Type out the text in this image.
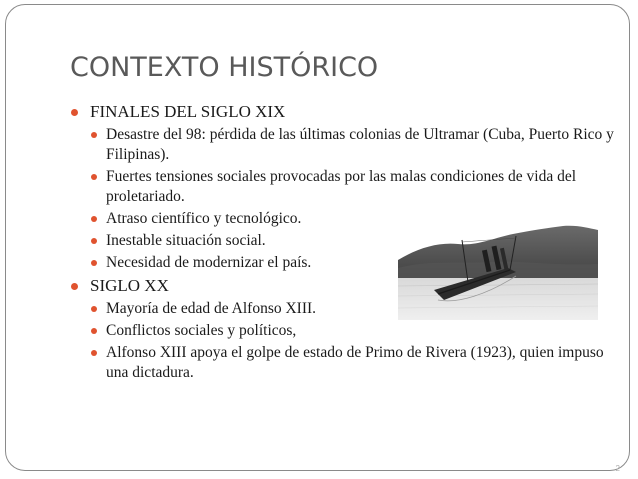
CONTEXTO HISTÓRICO
FINALES DEL SIGLO XIX
Desastre del 98: pérdida de las últimas colonias de Ultramar (Cuba, Puerto Rico y Filipinas).
Fuertes tensiones sociales provocadas por las malas condiciones de vida del proletariado.
Atraso científico y tecnológico.
Inestable situación social.
Necesidad de modernizar el país.
SIGLO XX
Mayoría de edad de Alfonso XIII.
Conflictos sociales y políticos,
Alfonso XIII apoya el golpe de estado de Primo de Rivera (1923), quien impuso una dictadura.
2
